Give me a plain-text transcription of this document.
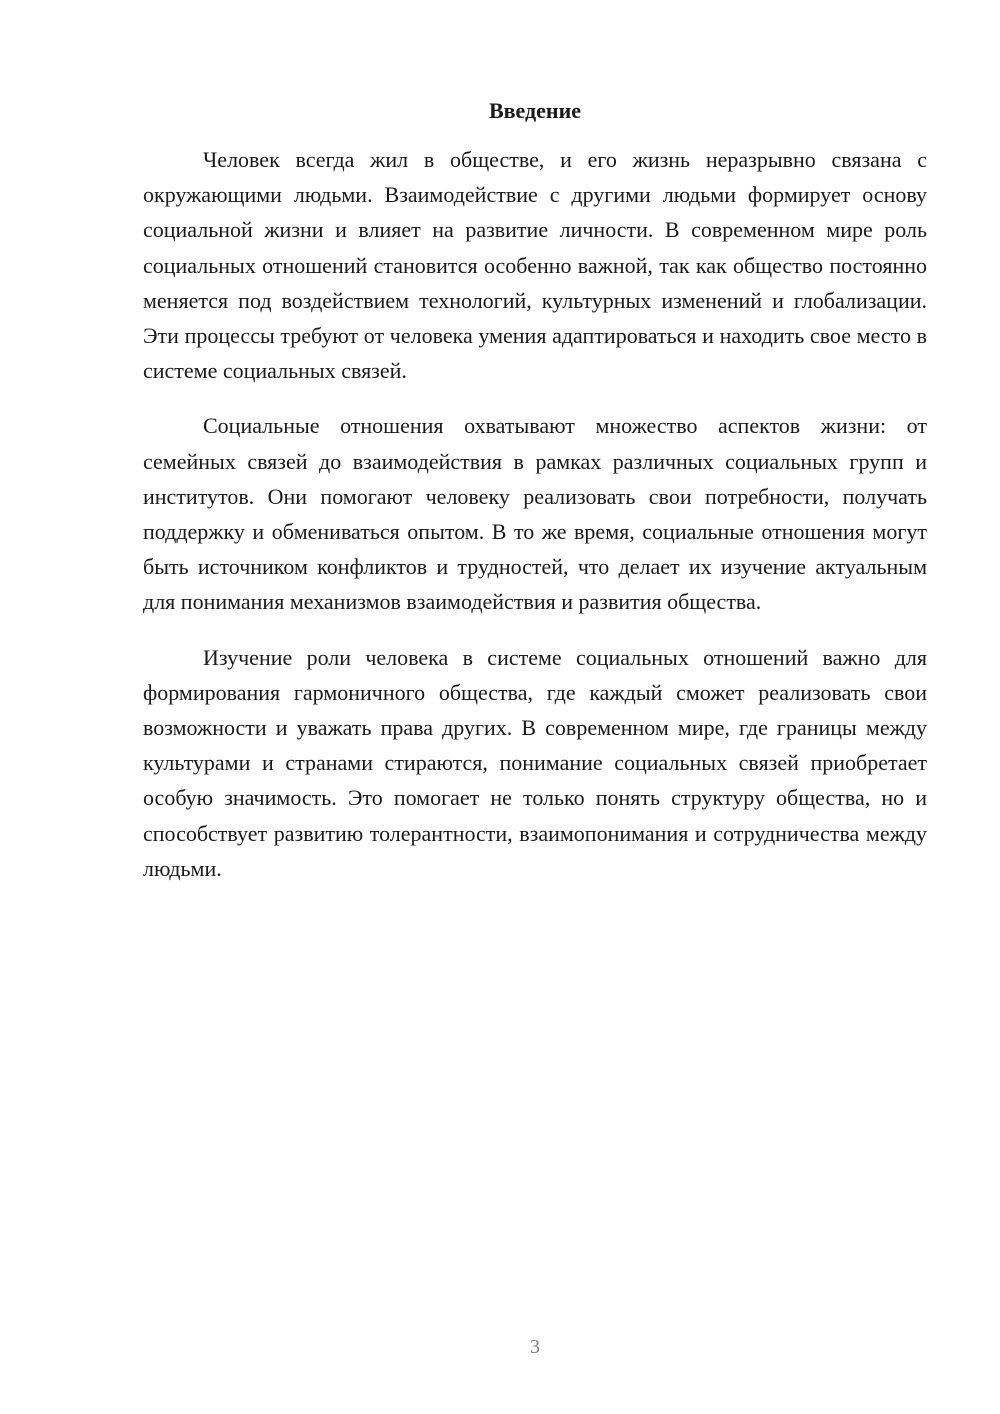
Введение

Человек всегда жил в обществе, и его жизнь неразрывно связана с окружающими людьми. Взаимодействие с другими людьми формирует основу социальной жизни и влияет на развитие личности. В современном мире роль социальных отношений становится особенно важной, так как общество постоянно меняется под воздействием технологий, культурных изменений и глобализации. Эти процессы требуют от человека умения адаптироваться и находить свое место в системе социальных связей.

Социальные отношения охватывают множество аспектов жизни: от семейных связей до взаимодействия в рамках различных социальных групп и институтов. Они помогают человеку реализовать свои потребности, получать поддержку и обмениваться опытом. В то же время, социальные отношения могут быть источником конфликтов и трудностей, что делает их изучение актуальным для понимания механизмов взаимодействия и развития общества.

Изучение роли человека в системе социальных отношений важно для формирования гармоничного общества, где каждый сможет реализовать свои возможности и уважать права других. В современном мире, где границы между культурами и странами стираются, понимание социальных связей приобретает особую значимость. Это помогает не только понять структуру общества, но и способствует развитию толерантности, взаимопонимания и сотрудничества между людьми.

3
